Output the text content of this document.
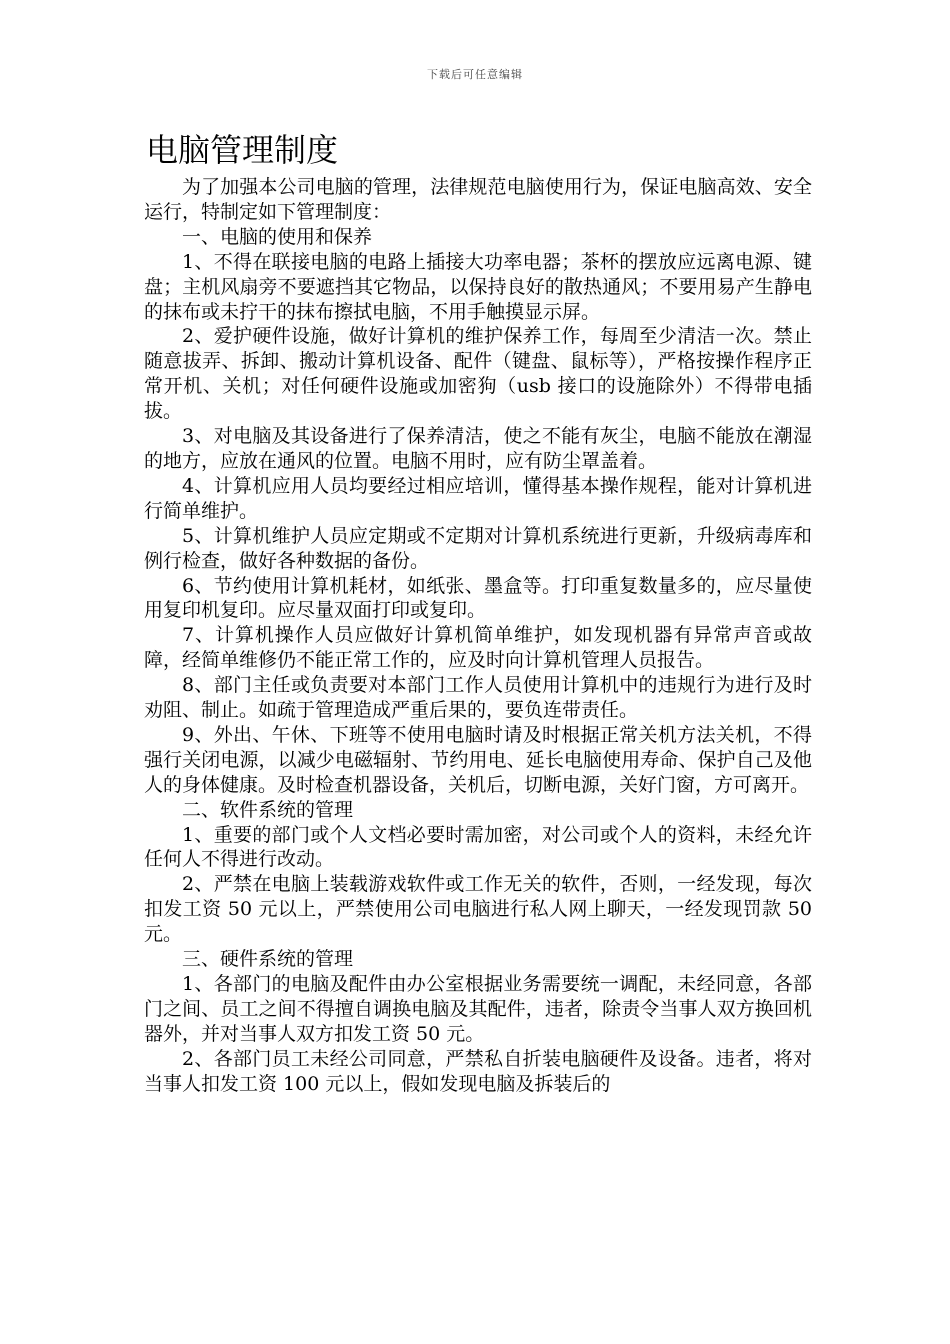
下载后可任意编辑
电脑管理制度

为了加强本公司电脑的管理，法律规范电脑使用行为，保证电脑高效、安全运行，特制定如下管理制度：

一、电脑的使用和保养

1、不得在联接电脑的电路上插接大功率电器；茶杯的摆放应远离电源、键盘；主机风扇旁不要遮挡其它物品，以保持良好的散热通风；不要用易产生静电的抹布或未拧干的抹布擦拭电脑，不用手触摸显示屏。

2、爱护硬件设施，做好计算机的维护保养工作，每周至少清洁一次。禁止随意拔弄、拆卸、搬动计算机设备、配件（键盘、鼠标等），严格按操作程序正常开机、关机；对任何硬件设施或加密狗（usb 接口的设施除外）不得带电插拔。

3、对电脑及其设备进行了保养清洁，使之不能有灰尘，电脑不能放在潮湿的地方，应放在通风的位置。电脑不用时，应有防尘罩盖着。

4、计算机应用人员均要经过相应培训，懂得基本操作规程，能对计算机进行简单维护。

5、计算机维护人员应定期或不定期对计算机系统进行更新，升级病毒库和例行检查，做好各种数据的备份。

6、节约使用计算机耗材，如纸张、墨盒等。打印重复数量多的，应尽量使用复印机复印。应尽量双面打印或复印。

7、计算机操作人员应做好计算机简单维护，如发现机器有异常声音或故障，经简单维修仍不能正常工作的，应及时向计算机管理人员报告。

8、部门主任或负责要对本部门工作人员使用计算机中的违规行为进行及时劝阻、制止。如疏于管理造成严重后果的，要负连带责任。

9、外出、午休、下班等不使用电脑时请及时根据正常关机方法关机，不得强行关闭电源，以减少电磁辐射、节约用电、延长电脑使用寿命、保护自己及他人的身体健康。及时检查机器设备，关机后，切断电源，关好门窗，方可离开。

二、软件系统的管理

1、重要的部门或个人文档必要时需加密，对公司或个人的资料，未经允许任何人不得进行改动。

2、严禁在电脑上装载游戏软件或工作无关的软件，否则，一经发现，每次扣发工资 50 元以上，严禁使用公司电脑进行私人网上聊天，一经发现罚款 50 元。

三、硬件系统的管理

1、各部门的电脑及配件由办公室根据业务需要统一调配，未经同意，各部门之间、员工之间不得擅自调换电脑及其配件，违者，除责令当事人双方换回机器外，并对当事人双方扣发工资 50 元。

2、各部门员工未经公司同意，严禁私自折装电脑硬件及设备。违者，将对当事人扣发工资 100 元以上，假如发现电脑及拆装后的
